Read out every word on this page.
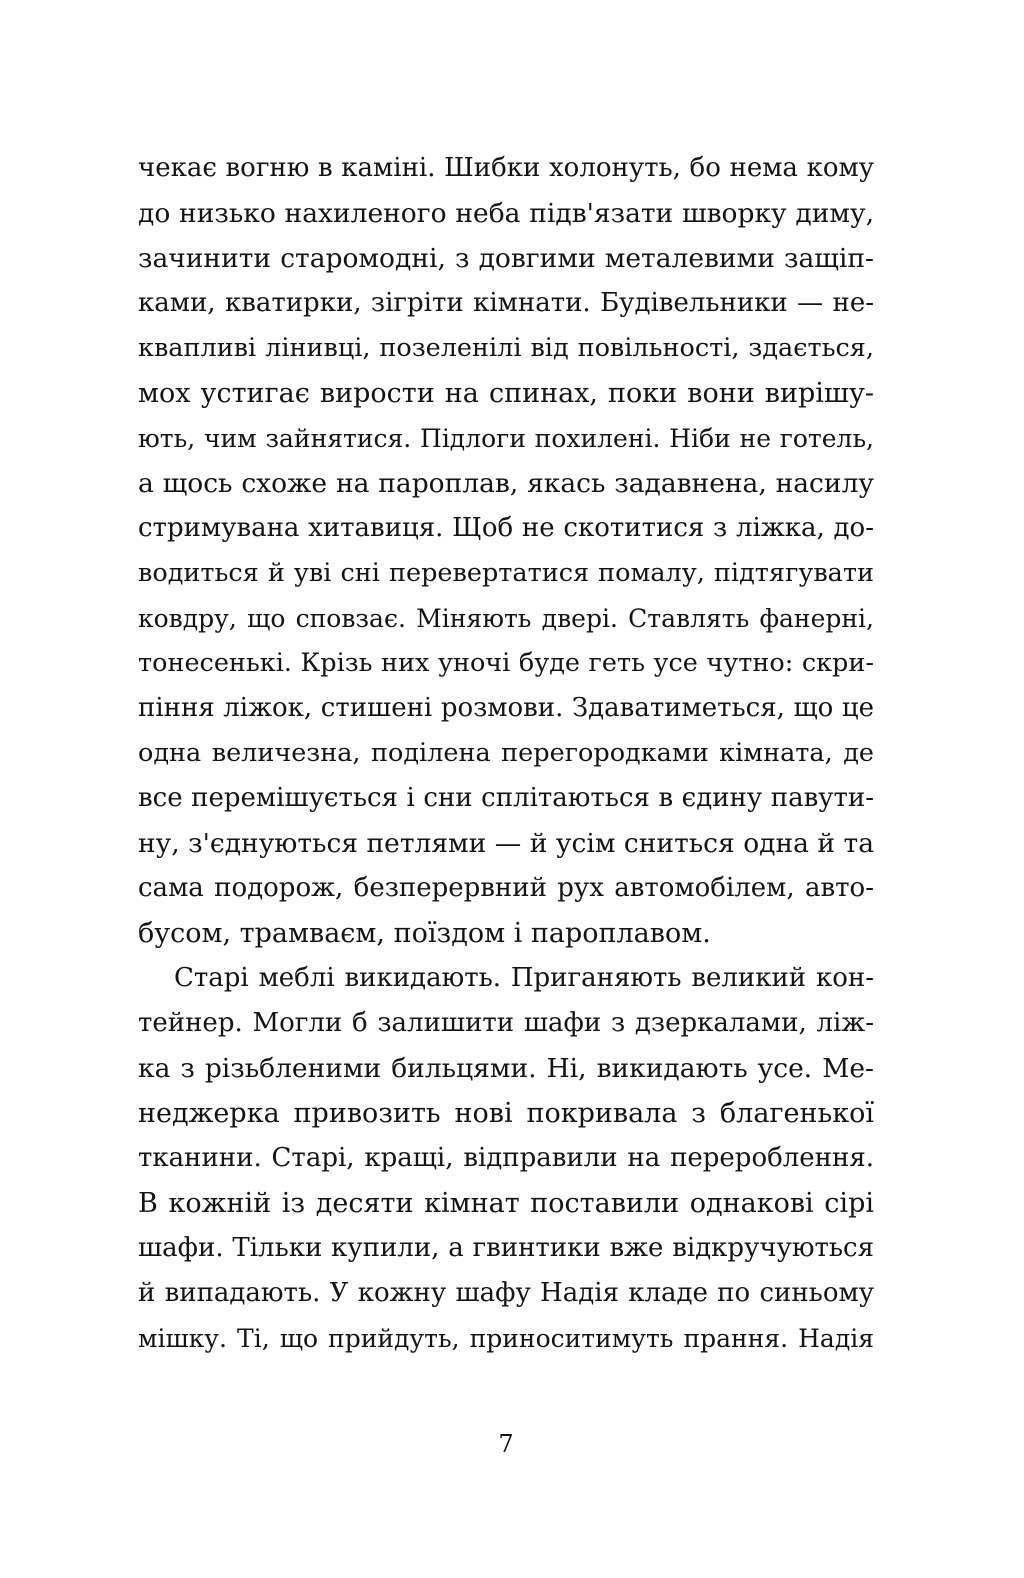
чекає вогню в каміні. Шибки холонуть, бо нема кому
до низько нахиленого неба підв'язати шворку диму,
зачинити старомодні, з довгими металевими защіп-
ками, кватирки, зігріти кімнати. Будівельники — не-
квапливі лінивці, позеленілі від повільності, здається,
мох устигає вирости на спинах, поки вони вирішу-
ють, чим зайнятися. Підлоги похилені. Ніби не готель,
а щось схоже на пароплав, якась задавнена, насилу
стримувана хитавиця. Щоб не скотитися з ліжка, до-
водиться й уві сні перевертатися помалу, підтягувати
ковдру, що сповзає. Міняють двері. Ставлять фанерні,
тонесенькі. Крізь них уночі буде геть усе чутно: скри-
піння ліжок, стишені розмови. Здаватиметься, що це
одна величезна, поділена перегородками кімната, де
все перемішується і сни сплітаються в єдину павути-
ну, з'єднуються петлями — й усім сниться одна й та
сама подорож, безперервний рух автомобілем, авто-
бусом, трамваєм, поїздом і пароплавом.
Старі меблі викидають. Приганяють великий кон-
тейнер. Могли б залишити шафи з дзеркалами, ліж-
ка з різьбленими бильцями. Ні, викидають усе. Ме-
неджерка привозить нові покривала з благенької
тканини. Старі, кращі, відправили на перероблення.
В кожній із десяти кімнат поставили однакові сірі
шафи. Тільки купили, а гвинтики вже відкручуються
й випадають. У кожну шафу Надія кладе по синьому
мішку. Ті, що прийдуть, приноситимуть прання. Надія
7
